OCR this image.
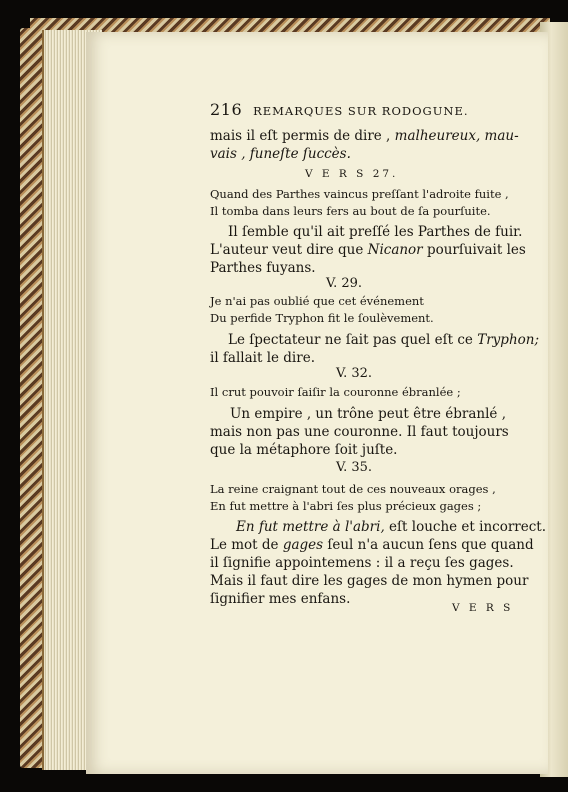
216 REMARQUES SUR RODOGUNE.
mais il eſt permis de dire , malheureux, mau-
vais , funeſte ſuccès.
V E R S 27.
Quand des Parthes vaincus preſſant l'adroite fuite ,
Il tomba dans leurs fers au bout de ſa pourſuite.
Il ſemble qu'il ait preſſé les Parthes de fuir.
L'auteur veut dire que Nicanor pourſuivait les
Parthes fuyans.
V. 29.
Je n'ai pas oublié que cet événement
Du perfide Tryphon fit le ſoulèvement.
Le ſpectateur ne ſait pas quel eſt ce Tryphon;
il fallait le dire.
V. 32.
Il crut pouvoir ſaiſir la couronne ébranlée ;
Un empire , un trône peut être ébranlé ,
mais non pas une couronne. Il faut toujours
que la métaphore ſoit juſte.
V. 35.
La reine craignant tout de ces nouveaux orages ,
En fut mettre à l'abri ſes plus précieux gages ;
En fut mettre à l'abri, eſt louche et incorrect.
Le mot de gages ſeul n'a aucun ſens que quand
il ſignifie appointemens : il a reçu ſes gages.
Mais il faut dire les gages de mon hymen pour
ſignifier mes enfans.
V E R S
